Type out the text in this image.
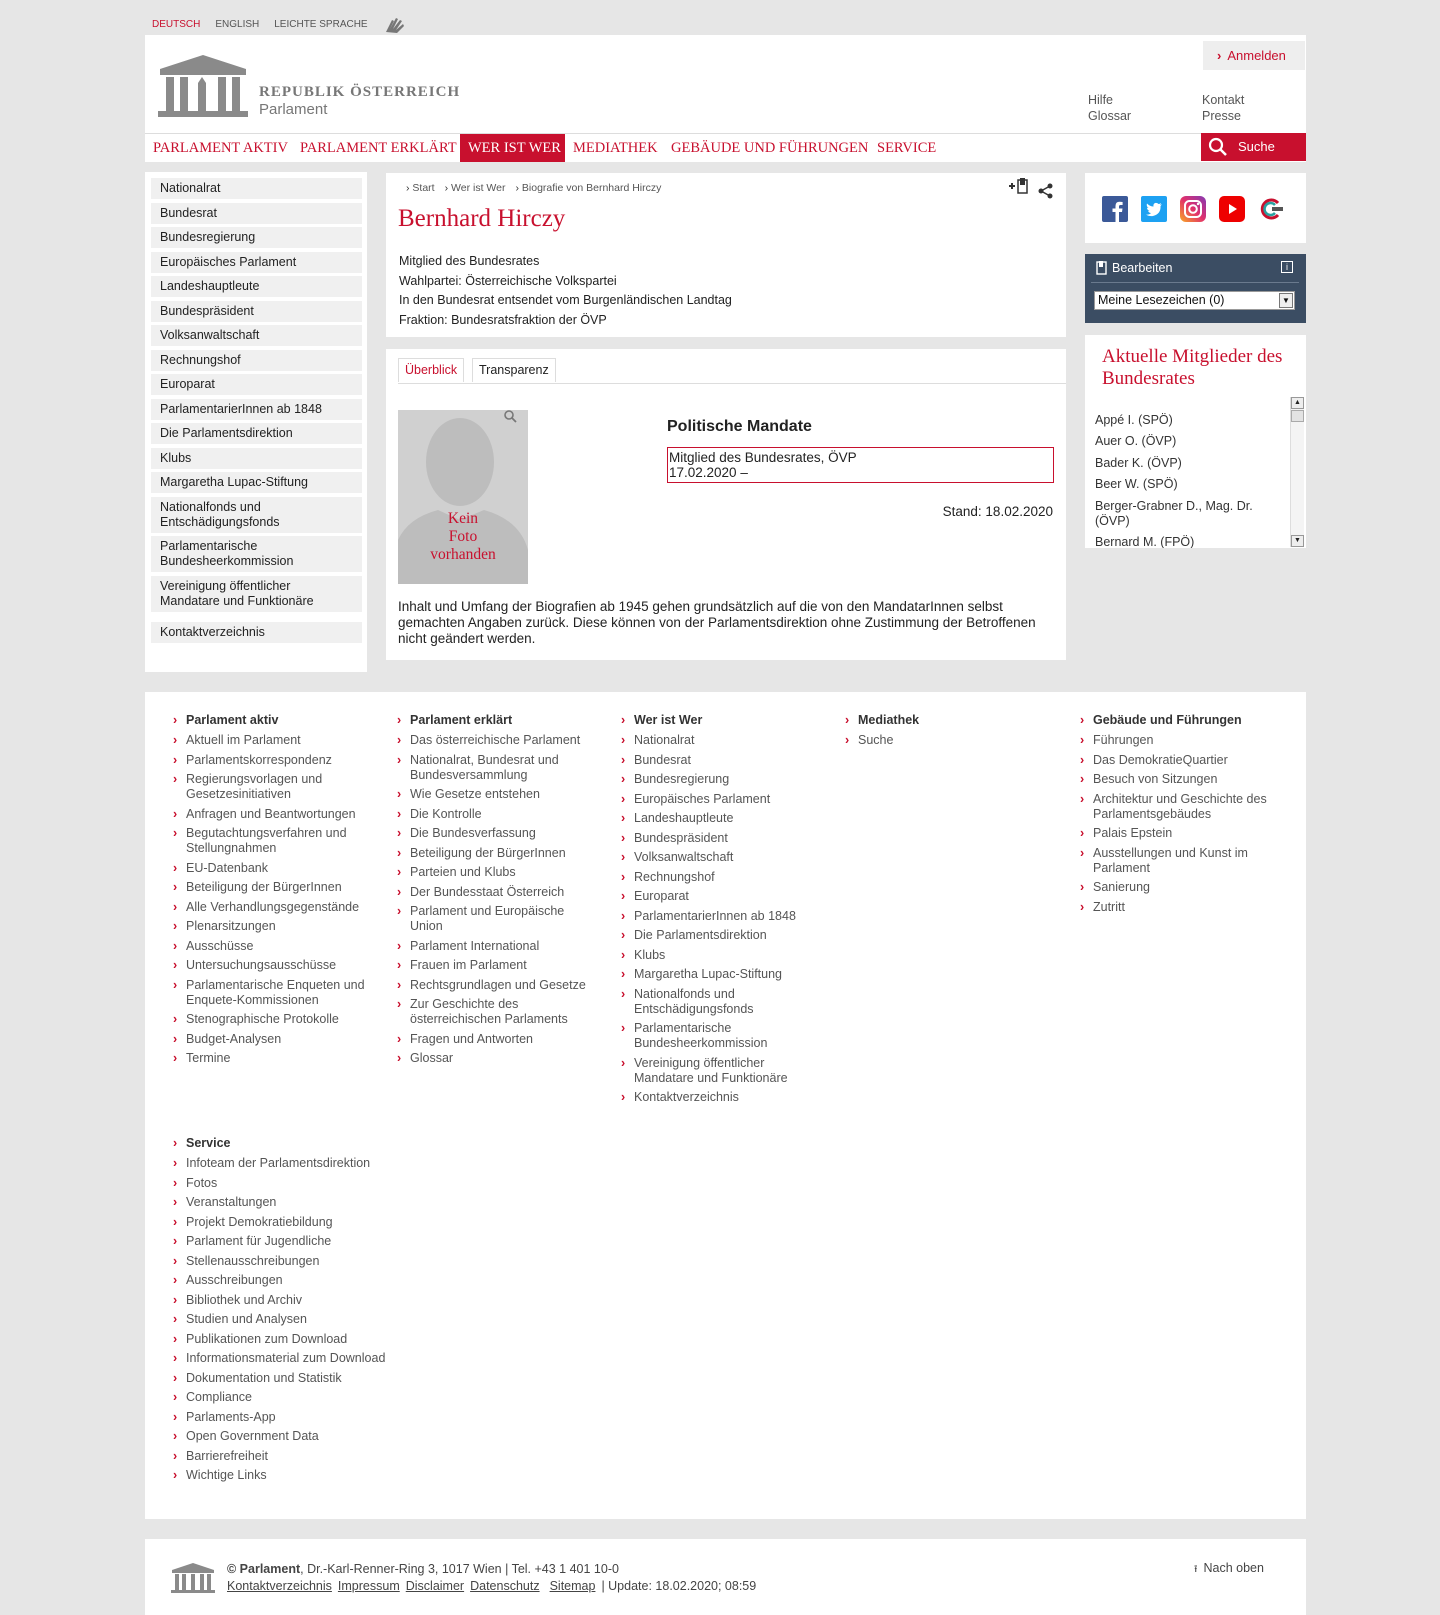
DEUTSCH ENGLISH LEICHTE SPRACHE
REPUBLIK ÖSTERREICH
Parlament
› Anmelden
Hilfe
Glossar
Kontakt
Presse
PARLAMENT AKTIV PARLAMENT ERKLÄRT WER IST WER MEDIATHEK GEBÄUDE UND FÜHRUNGEN SERVICE	Suche
Nationalrat
Bundesrat
Bundesregierung
Europäisches Parlament
Landeshauptleute
Bundespräsident
Volksanwaltschaft
Rechnungshof
Europarat
ParlamentarierInnen ab 1848
Die Parlamentsdirektion
Klubs
Margaretha Lupac-Stiftung
Nationalfonds und Entschädigungsfonds
Parlamentarische Bundesheerkommission
Vereinigung öffentlicher Mandatare und Funktionäre
Kontaktverzeichnis
› Start	› Wer ist Wer	› Biografie von Bernhard Hirczy
Bernhard Hirczy
Mitglied des Bundesrates
Wahlpartei: Österreichische Volkspartei
In den Bundesrat entsendet vom Burgenländischen Landtag
Fraktion: Bundesratsfraktion der ÖVP
Überblick	Transparenz
Kein
Foto
vorhanden
Politische Mandate
Mitglied des Bundesrates, ÖVP
17.02.2020 –
Stand: 18.02.2020
Inhalt und Umfang der Biografien ab 1945 gehen grundsätzlich auf die von den MandatarInnen selbst gemachten Angaben zurück. Diese können von der Parlamentsdirektion ohne Zustimmung der Betroffenen nicht geändert werden.
Bearbeiten	i
Meine Lesezeichen (0)	▼
Aktuelle Mitglieder des Bundesrates
Appé I. (SPÖ)
Auer O. (ÖVP)
Bader K. (ÖVP)
Beer W. (SPÖ)
Berger-Grabner D., Mag. Dr. (ÖVP)
Bernard M. (FPÖ)
▲
▼
› Parlament aktiv
› Aktuell im Parlament
› Parlamentskorrespondenz
› Regierungsvorlagen und Gesetzesinitiativen
› Anfragen und Beantwortungen
› Begutachtungsverfahren und Stellungnahmen
› EU-Datenbank
› Beteiligung der BürgerInnen
› Alle Verhandlungsgegenstände
› Plenarsitzungen
› Ausschüsse
› Untersuchungsausschüsse
› Parlamentarische Enqueten und Enquete-Kommissionen
› Stenographische Protokolle
› Budget-Analysen
› Termine
› Parlament erklärt
› Das österreichische Parlament
› Nationalrat, Bundesrat und Bundesversammlung
› Wie Gesetze entstehen
› Die Kontrolle
› Die Bundesverfassung
› Beteiligung der BürgerInnen
› Parteien und Klubs
› Der Bundesstaat Österreich
› Parlament und Europäische Union
› Parlament International
› Frauen im Parlament
› Rechtsgrundlagen und Gesetze
› Zur Geschichte des österreichischen Parlaments
› Fragen und Antworten
› Glossar
› Wer ist Wer
› Nationalrat
› Bundesrat
› Bundesregierung
› Europäisches Parlament
› Landeshauptleute
› Bundespräsident
› Volksanwaltschaft
› Rechnungshof
› Europarat
› ParlamentarierInnen ab 1848
› Die Parlamentsdirektion
› Klubs
› Margaretha Lupac-Stiftung
› Nationalfonds und Entschädigungsfonds
› Parlamentarische Bundesheerkommission
› Vereinigung öffentlicher Mandatare und Funktionäre
› Kontaktverzeichnis
› Mediathek
› Suche
› Gebäude und Führungen
› Führungen
› Das DemokratieQuartier
› Besuch von Sitzungen
› Architektur und Geschichte des Parlamentsgebäudes
› Palais Epstein
› Ausstellungen und Kunst im Parlament
› Sanierung
› Zutritt
› Service
› Infoteam der Parlamentsdirektion
› Fotos
› Veranstaltungen
› Projekt Demokratiebildung
› Parlament für Jugendliche
› Stellenausschreibungen
› Ausschreibungen
› Bibliothek und Archiv
› Studien und Analysen
› Publikationen zum Download
› Informationsmaterial zum Download
› Dokumentation und Statistik
› Compliance
› Parlaments-App
› Open Government Data
› Barrierefreiheit
› Wichtige Links
© Parlament, Dr.-Karl-Renner-Ring 3, 1017 Wien | Tel. +43 1 401 10-0
Kontaktverzeichnis Impressum Disclaimer Datenschutz Sitemap | Update: 18.02.2020; 08:59
⭱ Nach oben
